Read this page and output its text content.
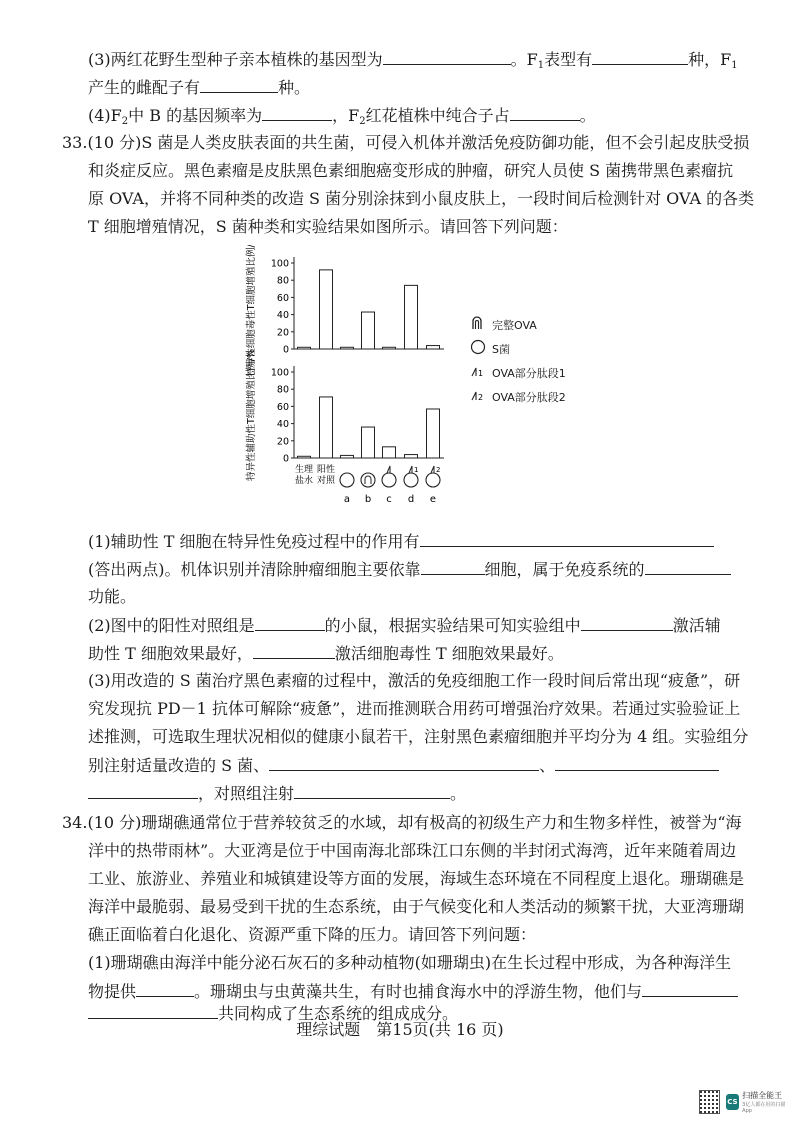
(3)两红花野生型种子亲本植株的基因型为	。$F_1$表型有	种，$F_1$
产生的雌配子有	种。
$(4)F_2$中 B 的基因频率为	，$F_2$红花植株中纯合子占	。
33.(10 分)S 菌是人类皮肤表面的共生菌，可侵入机体并激活免疫防御功能，但不会引起皮肤受损
和炎症反应。黑色素瘤是皮肤黑色素细胞癌变形成的肿瘤，研究人员使 S 菌携带黑色素瘤抗
原 OVA，并将不同种类的改造 S 菌分别涂抹到小鼠皮肤上，一段时间后检测针对 OVA 的各类
T 细胞增殖情况，S 菌种类和实验结果如图所示。请回答下列问题：
特异性细胞毒性T细胞增殖比例/% 100
80
60
40
20
0
特异性辅助性T细胞增殖比例/% 100
80
60
40
20
0
生理
盐水
阳性
对照
a b c d e
1	2
完整OVA
S菌
1 OVA部分肽段1
2 OVA部分肽段2
(1)辅助性 T 细胞在特异性免疫过程中的作用有
(答出两点)。机体识别并清除肿瘤细胞主要依靠	细胞，属于免疫系统的
功能。
(2)图中的阳性对照组是	的小鼠，根据实验结果可知实验组中	激活辅
助性 T 细胞效果最好，	激活细胞毒性 T 细胞效果最好。
(3)用改造的 S 菌治疗黑色素瘤的过程中，激活的免疫细胞工作一段时间后常出现“疲惫”，研
究发现抗 PD－1 抗体可解除“疲惫”，进而推测联合用药可增强治疗效果。若通过实验验证上
述推测，可选取生理状况相似的健康小鼠若干，注射黑色素瘤细胞并平均分为 4 组。实验组分
别注射适量改造的 S 菌、	、
，对照组注射	。
34.(10 分)珊瑚礁通常位于营养较贫乏的水域，却有极高的初级生产力和生物多样性，被誉为“海
洋中的热带雨林”。大亚湾是位于中国南海北部珠江口东侧的半封闭式海湾，近年来随着周边
工业、旅游业、养殖业和城镇建设等方面的发展，海域生态环境在不同程度上退化。珊瑚礁是
海洋中最脆弱、最易受到干扰的生态系统，由于气候变化和人类活动的频繁干扰，大亚湾珊瑚
礁正面临着白化退化、资源严重下降的压力。请回答下列问题：
(1)珊瑚礁由海洋中能分泌石灰石的多种动植物(如珊瑚虫)在生长过程中形成，为各种海洋生
物提供	。珊瑚虫与虫黄藻共生，有时也捕食海水中的浮游生物，他们与
共同构成了生态系统的组成成分。
理综试题　第15页(共 16 页)
CS
扫描全能王
3亿人都在用的扫描App
